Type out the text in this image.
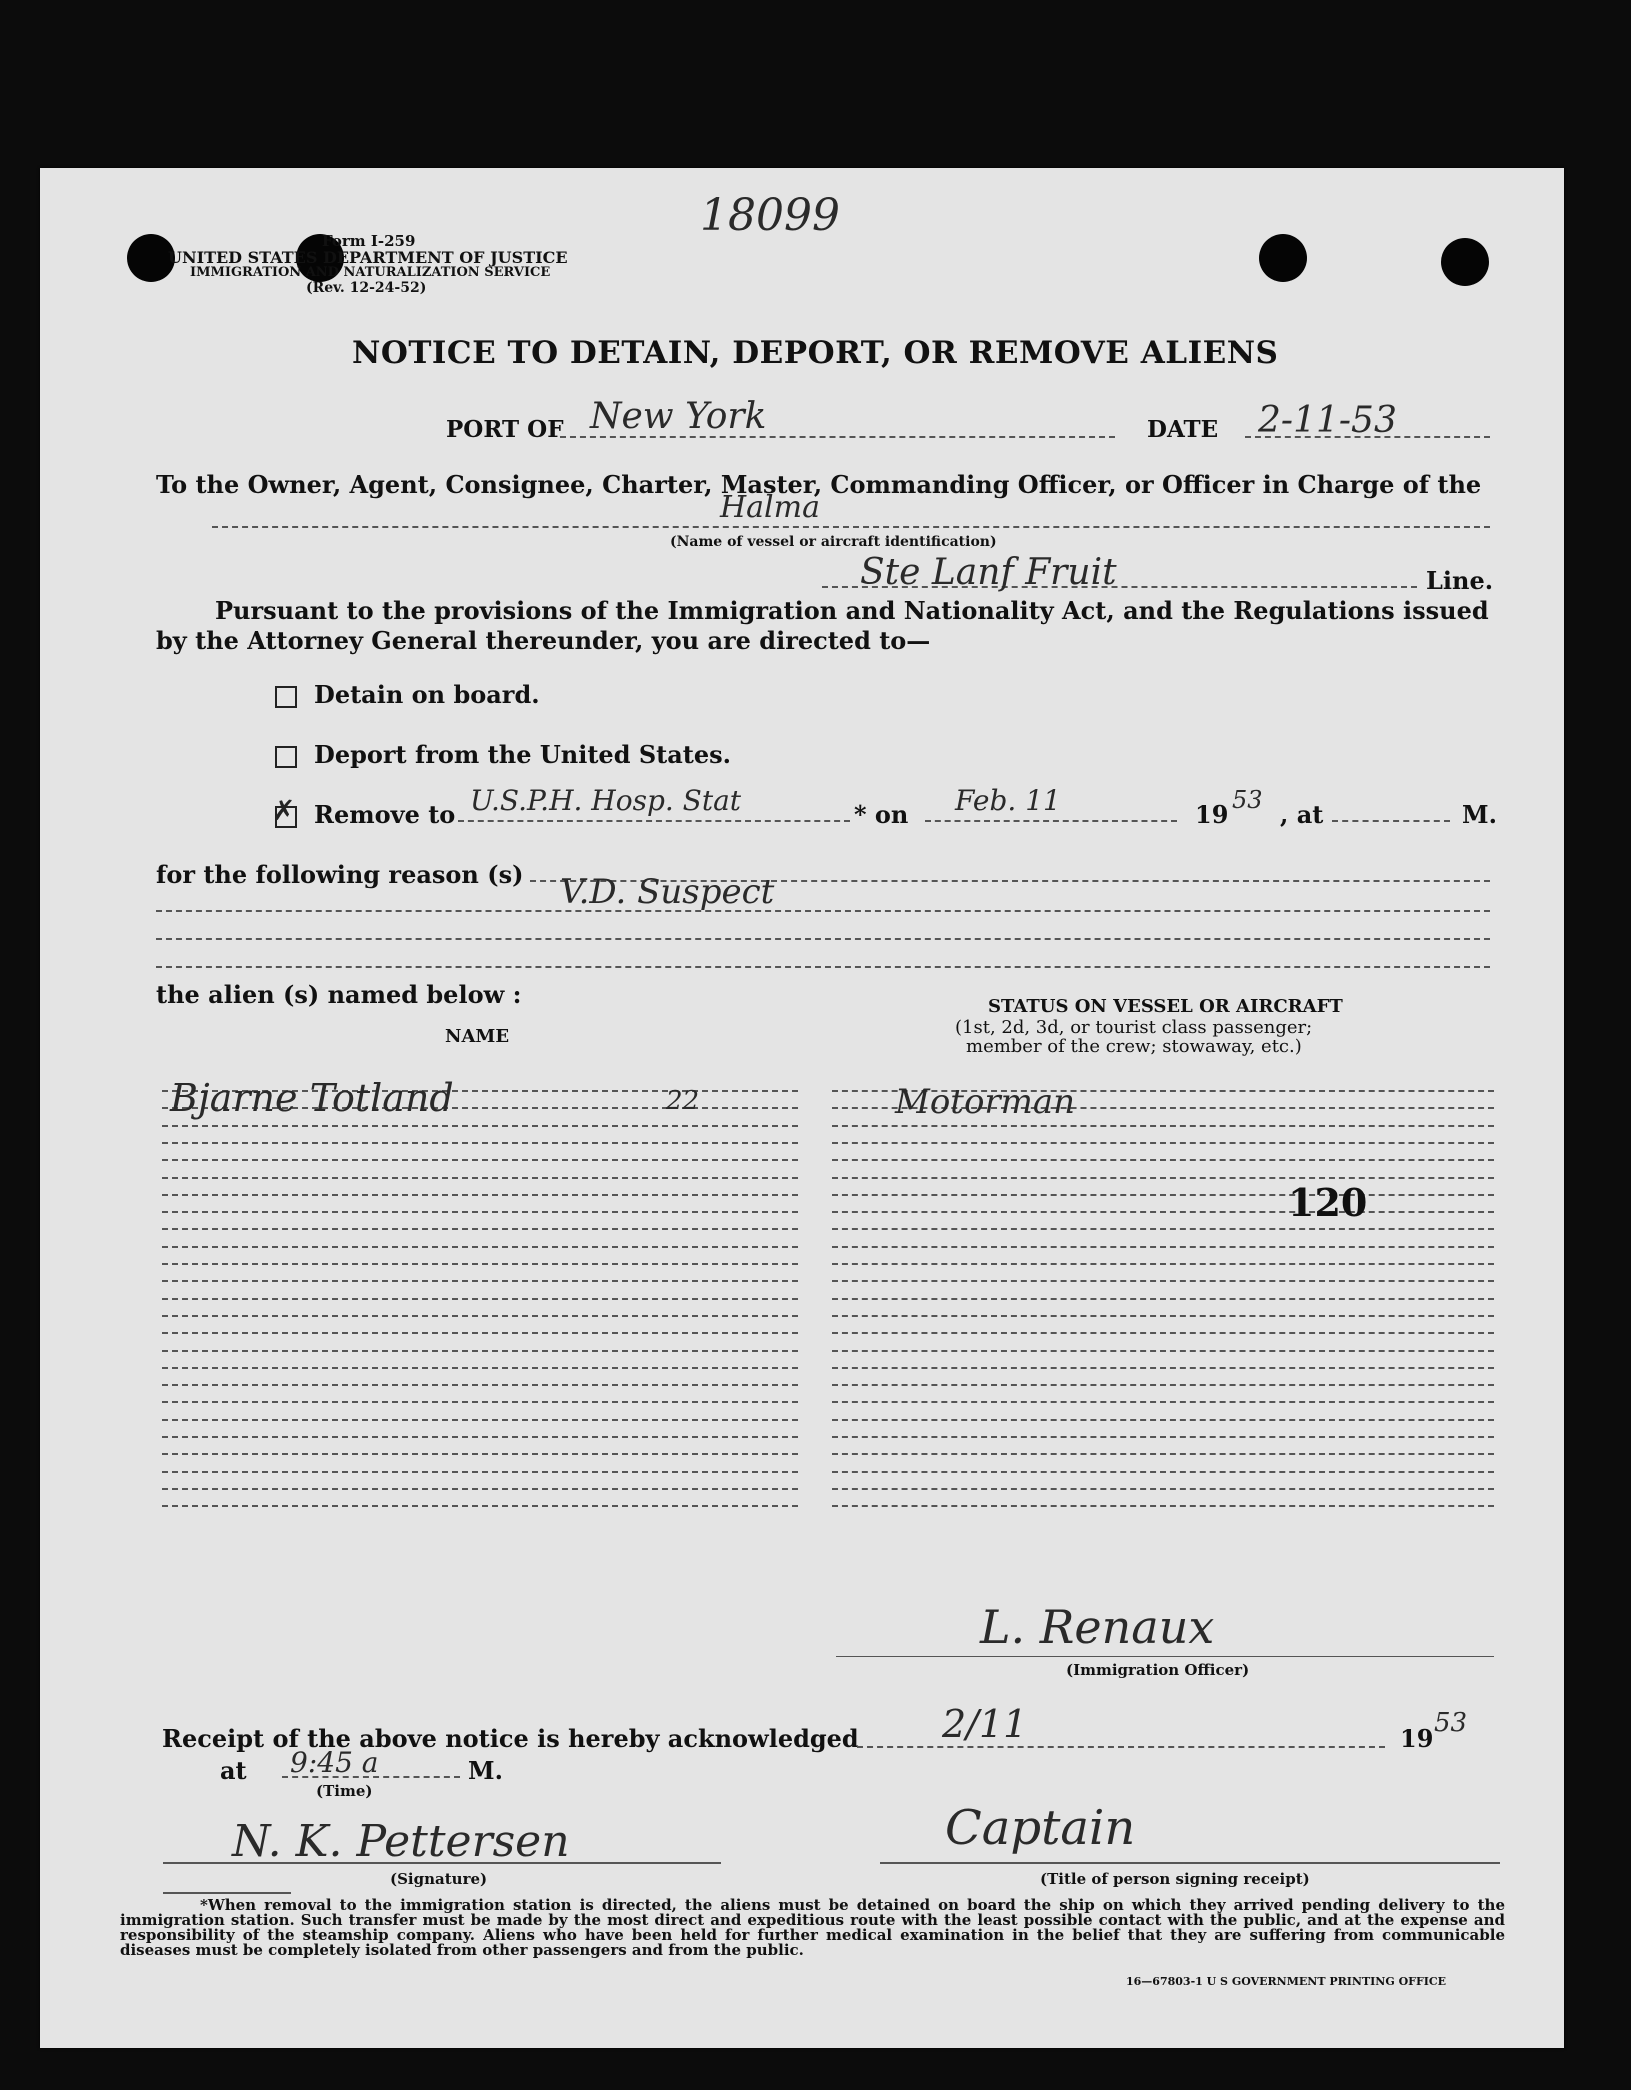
18099
Form I-259
UNITED STATES DEPARTMENT OF JUSTICE
IMMIGRATION AND NATURALIZATION SERVICE
(Rev. 12-24-52)
NOTICE TO DETAIN, DEPORT, OR REMOVE ALIENS
PORT OF New York	DATE 2-11-53
To the Owner, Agent, Consignee, Charter, Master, Commanding Officer, or Officer in Charge of the
Halma
(Name of vessel or aircraft identification)
Ste Lanf Fruit	Line.
Pursuant to the provisions of the Immigration and Nationality Act, and the Regulations issued
by the Attorney General thereunder, you are directed to—
Detain on board.
Deport from the United States.
✗ Remove to U.S.P.H. Hosp. Stat	* on Feb. 11	19 53 , at	M.
for the following reason (s) V.D. Suspect
the alien (s) named below :
NAME
STATUS ON VESSEL OR AIRCRAFT
(1st, 2d, 3d, or tourist class passenger;
member of the crew; stowaway, etc.)
Bjarne Totland	22	Motorman
120
L. Renaux
(Immigration Officer)
Receipt of the above notice is hereby acknowledged 2/11	19
53
at 9:45 a	M.
(Time)
N. K. Pettersen
(Signature)
Captain
(Title of person signing receipt)
*When removal to the immigration station is directed, the aliens must be detained on board the ship on which they arrived pending delivery to the immigration station. Such transfer must be made by the most direct and expeditious route with the least possible contact with the public, and at the expense and responsibility of the steamship company. Aliens who have been held for further medical examination in the belief that they are suffering from communicable diseases must be completely isolated from other passengers and from the public.
16—67803-1 U S GOVERNMENT PRINTING OFFICE
